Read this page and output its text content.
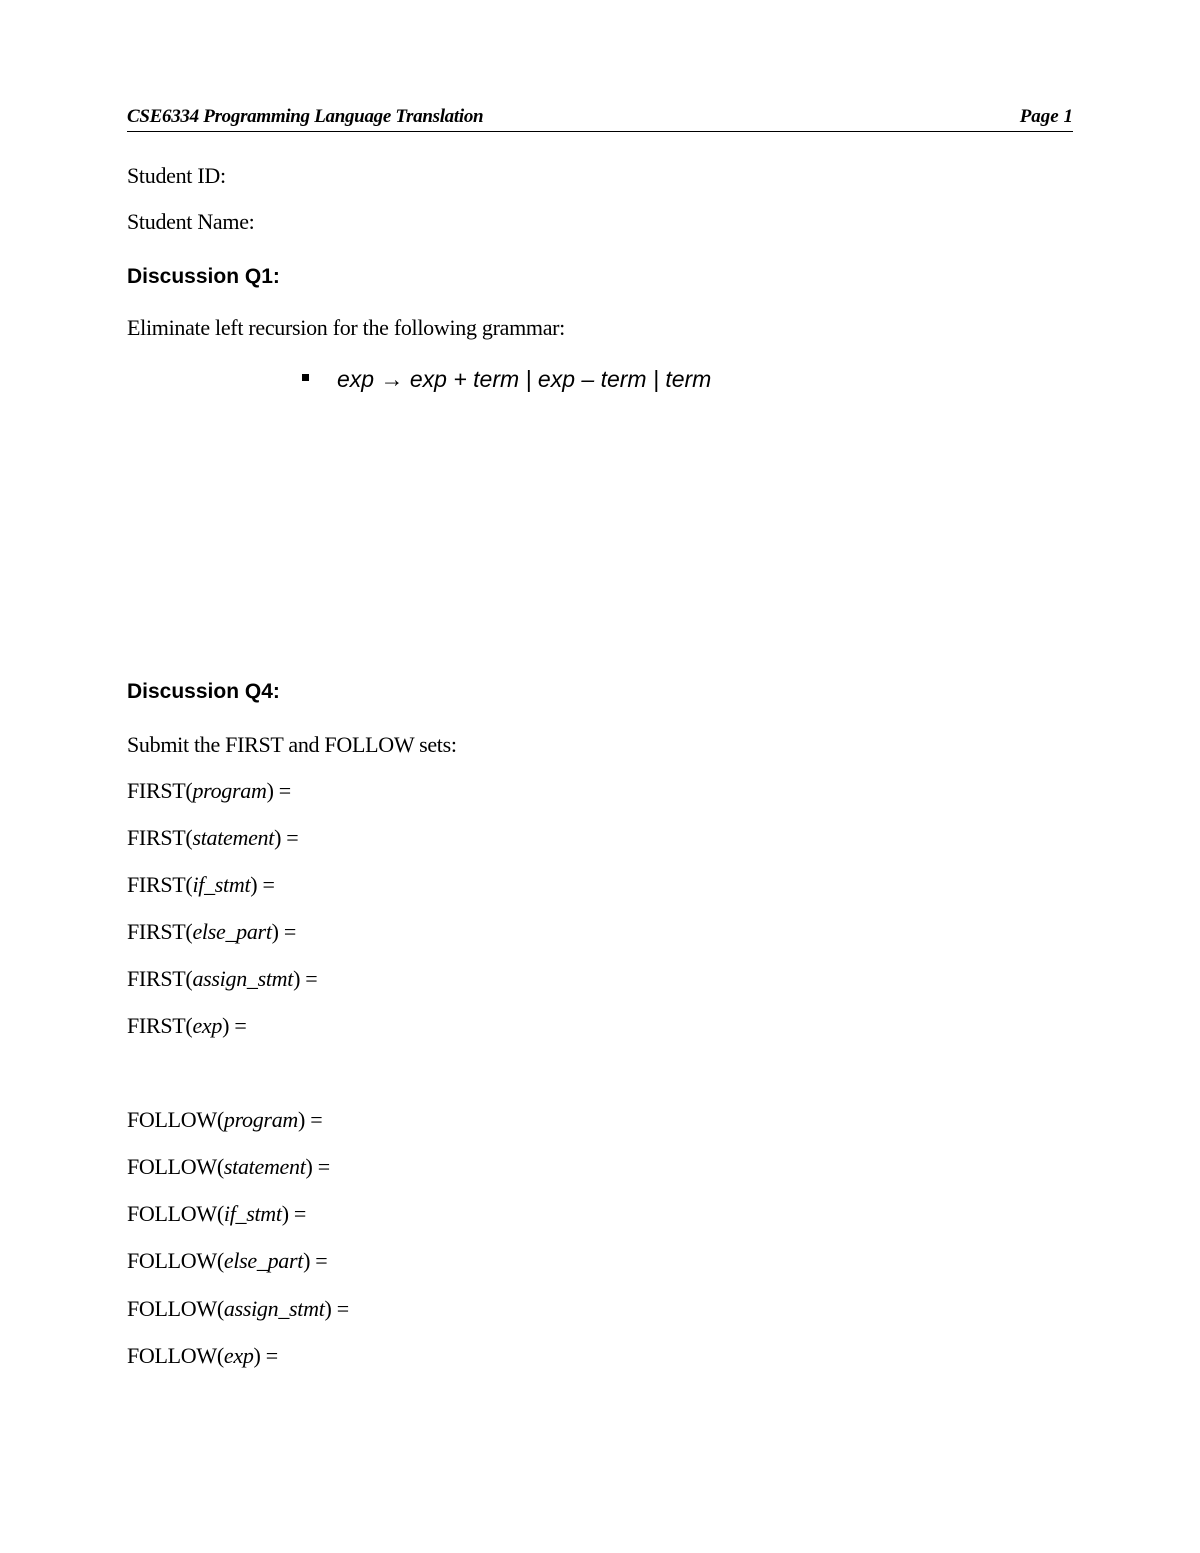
CSE6334 Programming Language Translation	Page 1
Student ID:
Student Name:
Discussion Q1:
Eliminate left recursion for the following grammar:
exp → exp + term | exp – term | term
Discussion Q4:
Submit the FIRST and FOLLOW sets:
FIRST(program) =
FIRST(statement) =
FIRST(if_stmt) =
FIRST(else_part) =
FIRST(assign_stmt) =
FIRST(exp) =
FOLLOW(program) =
FOLLOW(statement) =
FOLLOW(if_stmt) =
FOLLOW(else_part) =
FOLLOW(assign_stmt) =
FOLLOW(exp) =
